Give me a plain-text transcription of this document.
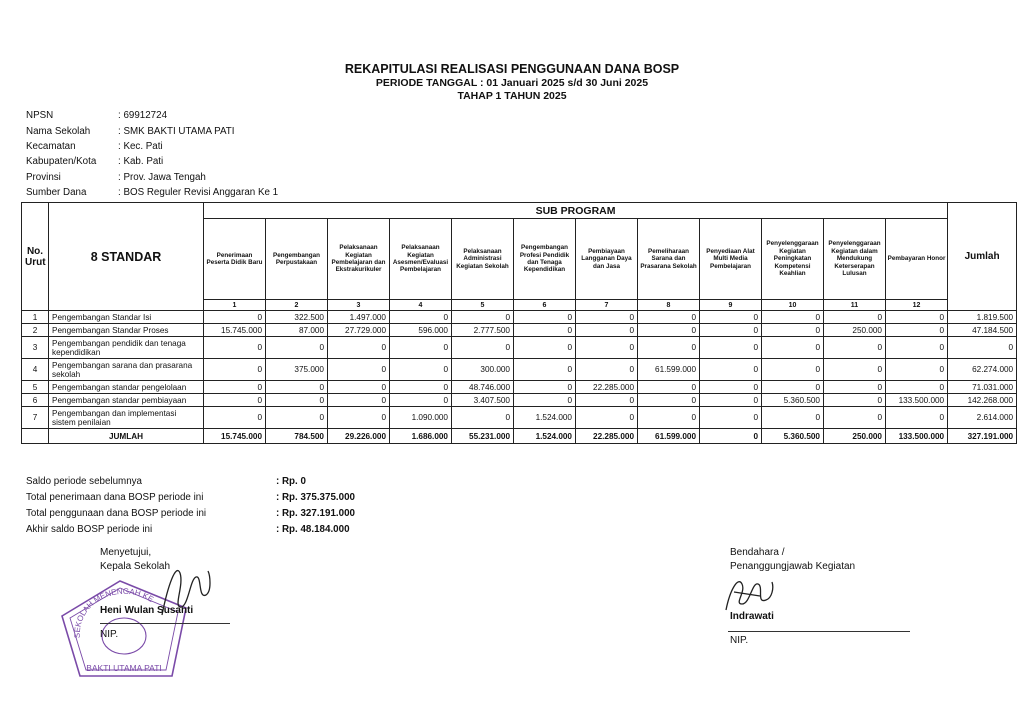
REKAPITULASI REALISASI PENGGUNAAN DANA BOSP
PERIODE TANGGAL : 01 Januari 2025 s/d 30 Juni 2025
TAHAP 1 TAHUN 2025
NPSN	: 69912724
Nama Sekolah	: SMK BAKTI UTAMA PATI
Kecamatan	: Kec. Pati
Kabupaten/Kota	: Kab. Pati
Provinsi	: Prov. Jawa Tengah
Sumber Dana	: BOS Reguler Revisi Anggaran Ke 1
No. Urut	8 STANDAR	SUB PROGRAM												Jumlah
		Penerimaan Peserta Didik Baru	Pengembangan Perpustakaan	Pelaksanaan Kegiatan Pembelajaran dan Ekstrakurikuler	Pelaksanaan Kegiatan Asesmen/Evaluasi Pembelajaran	Pelaksanaan Administrasi Kegiatan Sekolah	Pengembangan Profesi Pendidik dan Tenaga Kependidikan	Pembiayaan Langganan Daya dan Jasa	Pemeliharaan Sarana dan Prasarana Sekolah	Penyediaan Alat Multi Media Pembelajaran	Penyelenggaraan Kegiatan Peningkatan Kompetensi Keahlian	Penyelenggaraan Kegiatan dalam Mendukung Keterserapan Lulusan	Pembayaran Honor	
		1	2	3	4	5	6	7	8	9	10	11	12	
1	Pengembangan Standar Isi	0	322.500	1.497.000	0	0	0	0	0	0	0	0	0	1.819.500
2	Pengembangan Standar Proses	15.745.000	87.000	27.729.000	596.000	2.777.500	0	0	0	0	0	250.000	0	47.184.500
3	Pengembangan pendidik dan tenaga kependidikan	0	0	0	0	0	0	0	0	0	0	0	0	0
4	Pengembangan sarana dan prasarana sekolah	0	375.000	0	0	300.000	0	0	61.599.000	0	0	0	0	62.274.000
5	Pengembangan standar pengelolaan	0	0	0	0	48.746.000	0	22.285.000	0	0	0	0	0	71.031.000
6	Pengembangan standar pembiayaan	0	0	0	0	3.407.500	0	0	0	0	5.360.500	0	133.500.000	142.268.000
7	Pengembangan dan implementasi sistem penilaian	0	0	0	1.090.000	0	1.524.000	0	0	0	0	0	0	2.614.000
	JUMLAH	15.745.000	784.500	29.226.000	1.686.000	55.231.000	1.524.000	22.285.000	61.599.000	0	5.360.500	250.000	133.500.000	327.191.000
Saldo periode sebelumnya	: Rp. 0
Total penerimaan dana BOSP periode ini	: Rp. 375.375.000
Total penggunaan dana BOSP periode ini	: Rp. 327.191.000
Akhir saldo BOSP periode ini	: Rp. 48.184.000
SEKOLAH MENENGAH KE
BAKTI UTAMA PATI
Menyetujui,
Kepala Sekolah
Heni Wulan Susanti
NIP.
Bendahara /
Penanggungjawab Kegiatan
Indrawati
NIP.
